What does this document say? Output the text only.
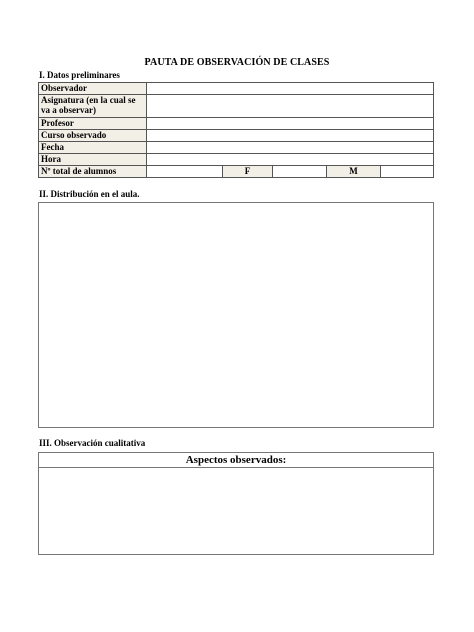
PAUTA DE OBSERVACIÓN DE CLASES
I. Datos preliminares
Observador					
Asignatura (en la cual se va a observar)					
Profesor					
Curso observado					
Fecha					
Hora					
Nº total de alumnos		F		M	
II. Distribución en el aula.
III. Observación cualitativa
Aspectos observados:
